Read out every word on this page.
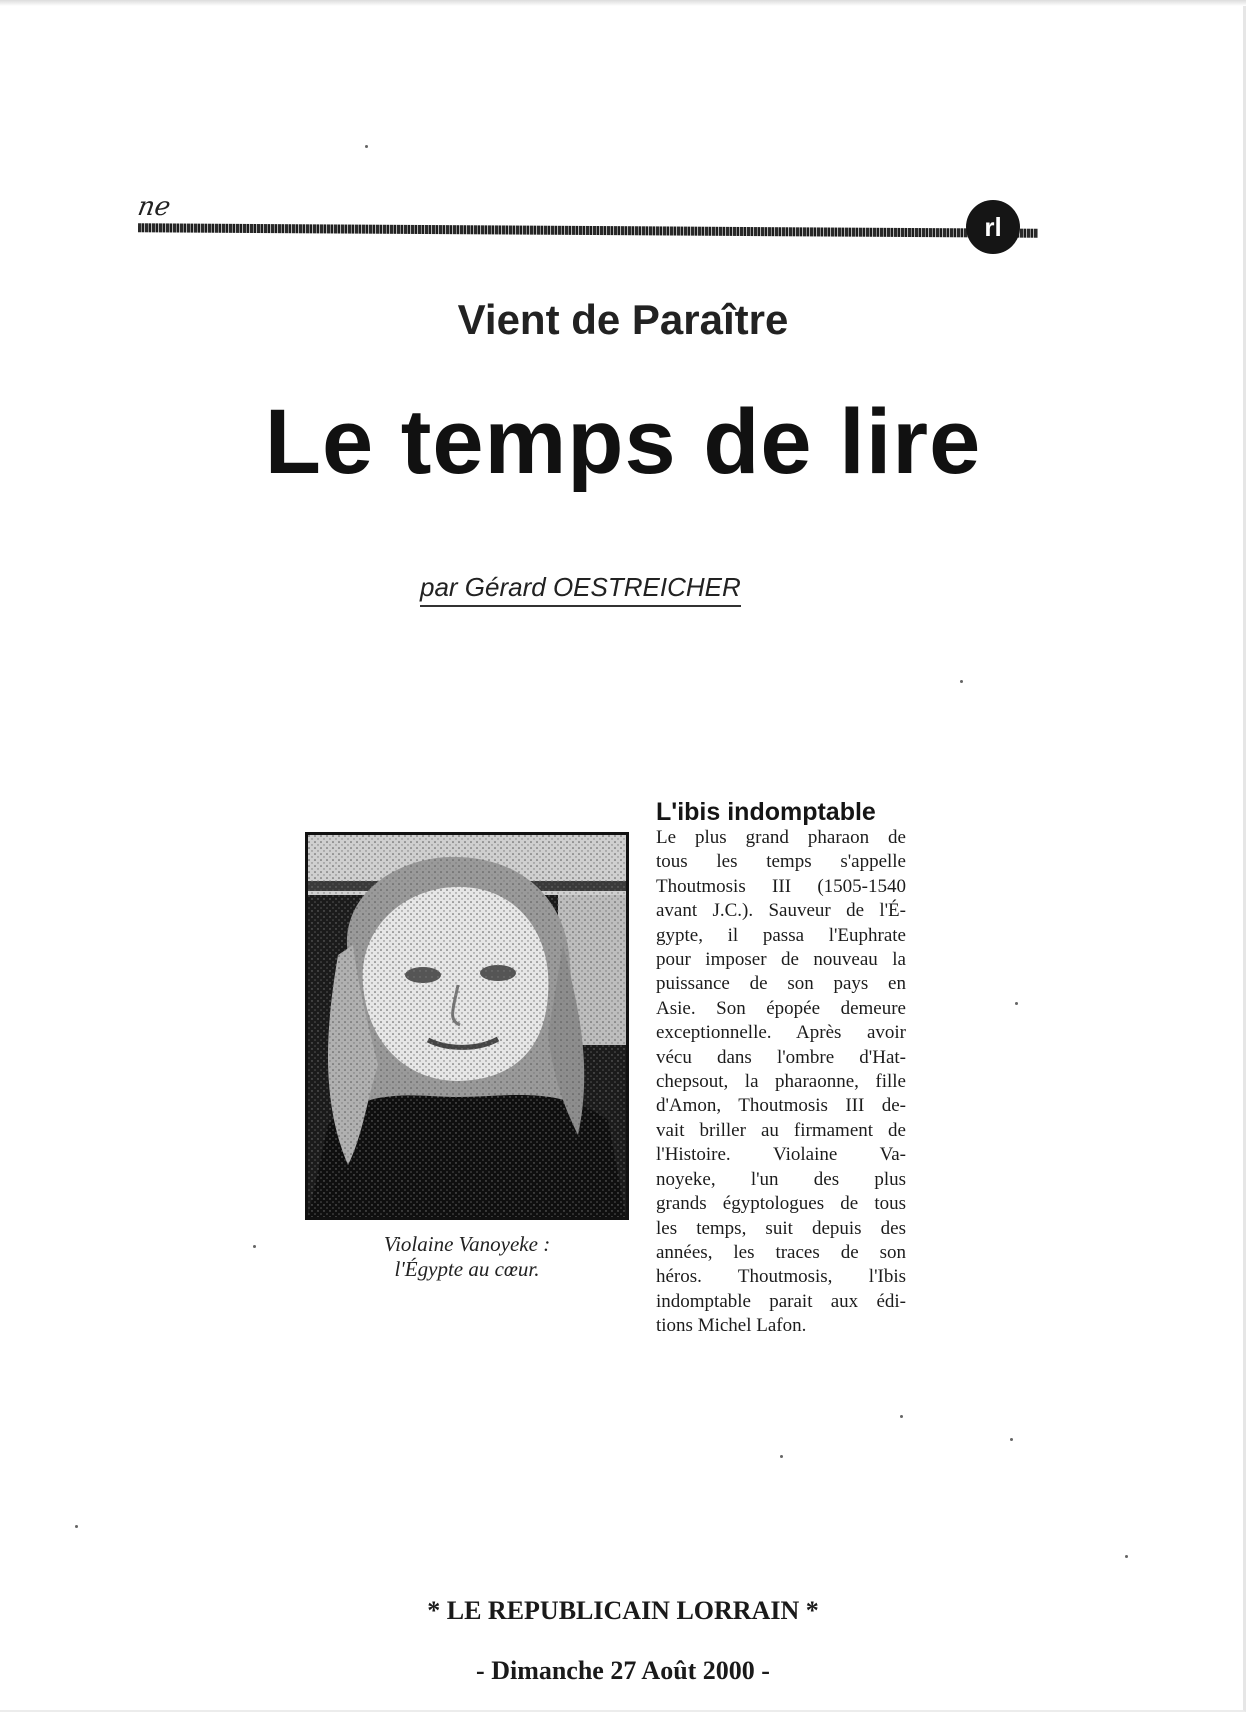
ne
rl
Vient de Paraître
Le temps de lire
par Gérard OESTREICHER
Violaine Vanoyeke :
l'Égypte au cœur.
L'ibis indomptable
Le plus grand pharaon de
tous les temps s'appelle
Thoutmosis III (1505-1540
avant J.C.). Sauveur de l'É-
gypte, il passa l'Euphrate
pour imposer de nouveau la
puissance de son pays en
Asie. Son épopée demeure
exceptionnelle. Après avoir
vécu dans l'ombre d'Hat-
chepsout, la pharaonne, fille
d'Amon, Thoutmosis III de-
vait briller au firmament de
l'Histoire. Violaine Va-
noyeke, l'un des plus
grands égyptologues de tous
les temps, suit depuis des
années, les traces de son
héros. Thoutmosis, l'Ibis
indomptable parait aux édi-
tions Michel Lafon.
* LE REPUBLICAIN LORRAIN *
- Dimanche 27 Août 2000 -
